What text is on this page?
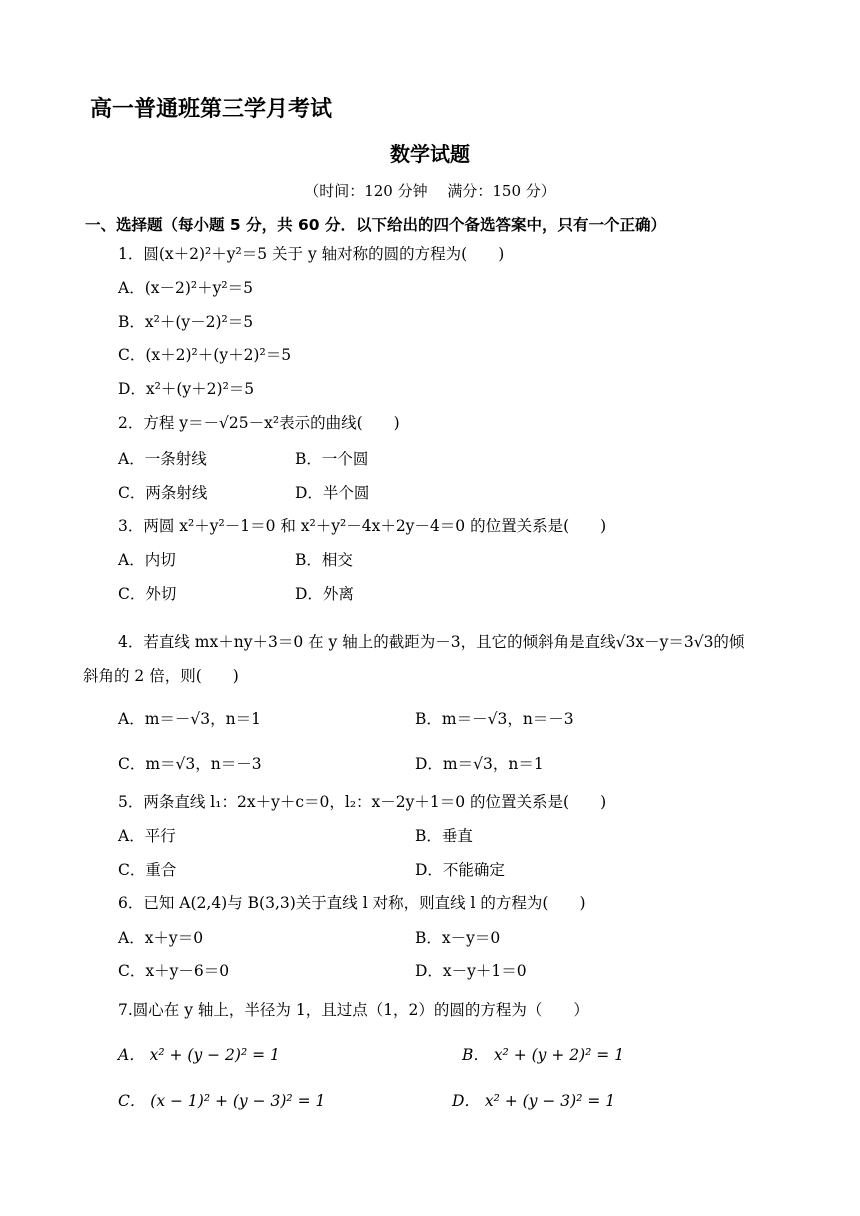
高一普通班第三学月考试
数学试题
（时间：120 分钟　 满分：150 分）
一、选择题（每小题 5 分，共 60 分．以下给出的四个备选答案中，只有一个正确）
1．圆(x＋2)²＋y²＝5 关于 y 轴对称的圆的方程为(　　)
A．(x－2)²＋y²＝5
B．x²＋(y－2)²＝5
C．(x＋2)²＋(y＋2)²＝5
D．x²＋(y＋2)²＝5
2．方程 y＝－√25－x²表示的曲线(　　)
A．一条射线	B．一个圆
C．两条射线	D．半个圆
3．两圆 x²＋y²－1＝0 和 x²＋y²－4x＋2y－4＝0 的位置关系是(　　)
A．内切	B．相交
C．外切	D．外离
4．若直线 mx＋ny＋3＝0 在 y 轴上的截距为－3，且它的倾斜角是直线√3x－y＝3√3的倾
斜角的 2 倍，则(　　)
A．m＝－√3，n＝1	B．m＝－√3，n＝－3
C．m＝√3，n＝－3	D．m＝√3，n＝1
5．两条直线 l₁：2x＋y＋c＝0，l₂：x－2y＋1＝0 的位置关系是(　　)
A．平行	B．垂直
C．重合	D．不能确定
6．已知 A(2,4)与 B(3,3)关于直线 l 对称，则直线 l 的方程为(　　)
A．x＋y＝0	B．x－y＝0
C．x＋y－6＝0	D．x－y＋1＝0
7.圆心在 y 轴上，半径为 1，且过点（1，2）的圆的方程为（　　）
A． x² + (y − 2)² = 1	B． x² + (y + 2)² = 1
C． (x − 1)² + (y − 3)² = 1	D． x² + (y − 3)² = 1
